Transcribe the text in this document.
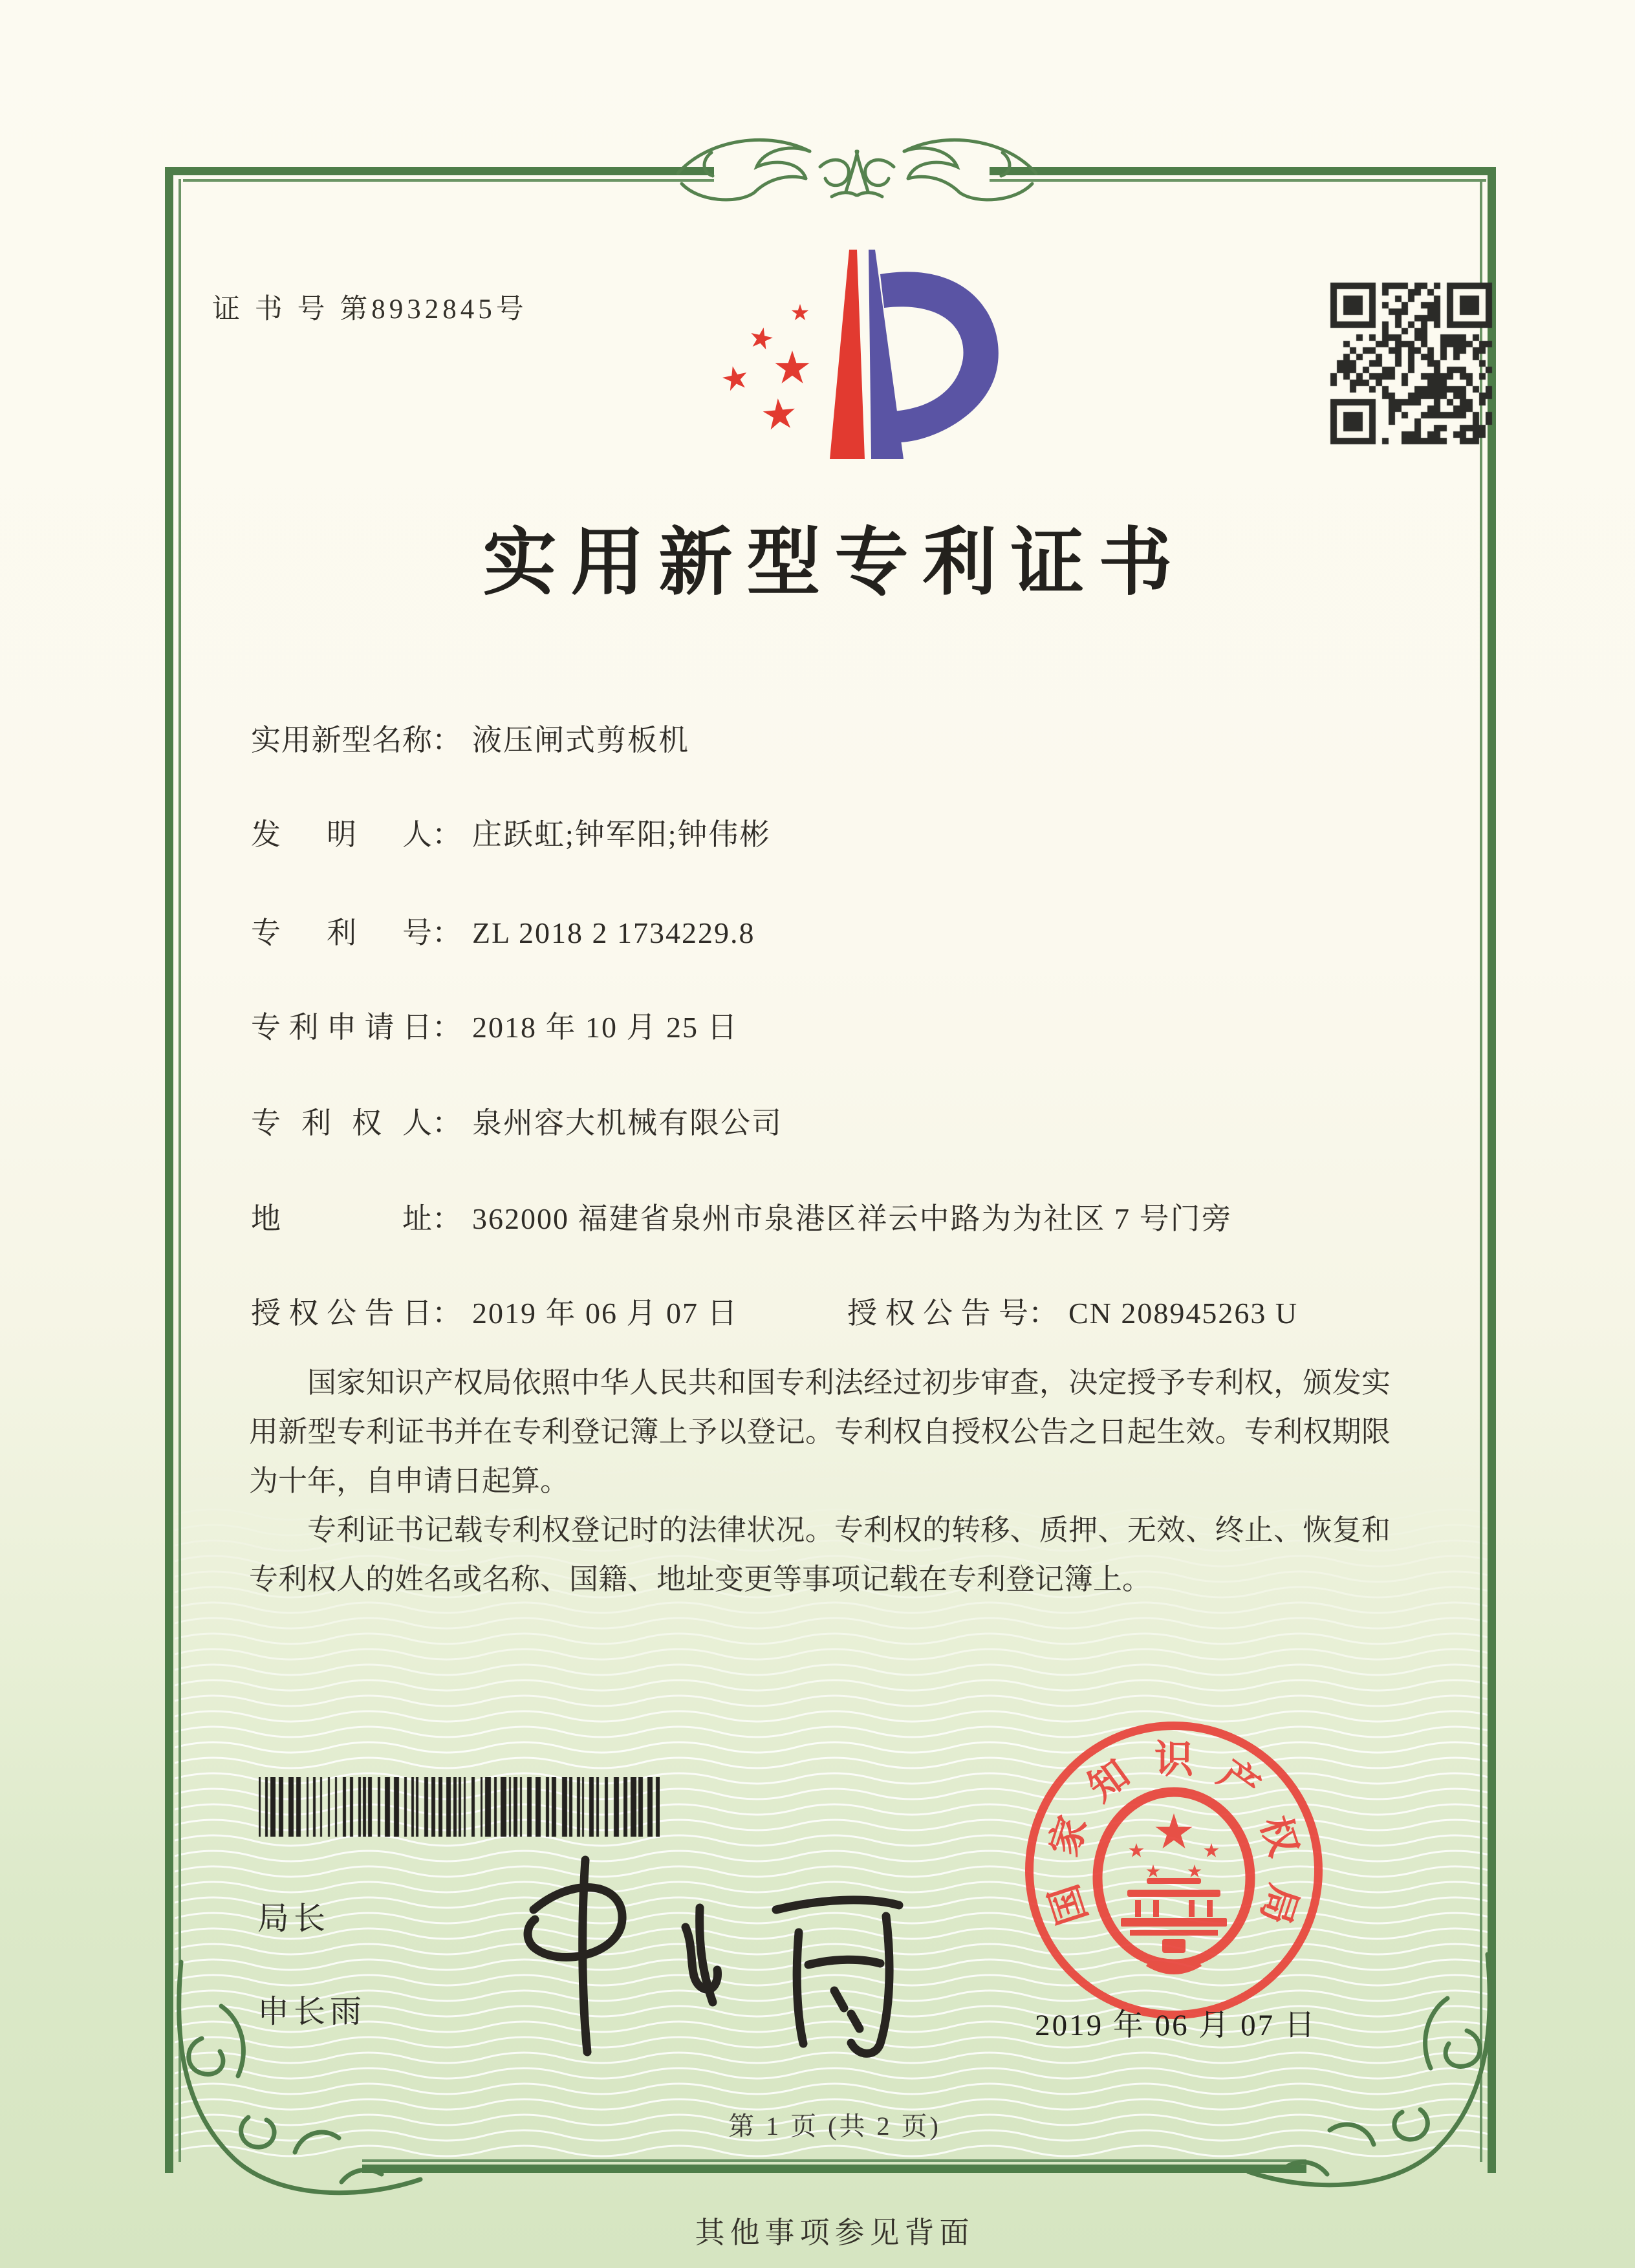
证 书 号 第8932845号
实用新型专利证书
实用新型名称 ： 液压闸式剪板机
发明人 ： 庄跃虹;钟军阳;钟伟彬
专利号 ： ZL 2018 2 1734229.8
专利申请日 ： 2018 年 10 月 25 日
专利权人 ： 泉州容大机械有限公司
地址 ： 362000 福建省泉州市泉港区祥云中路为为社区 7 号门旁
授权公告日 ： 2019 年 06 月 07 日	授权公告号 ： CN 208945263 U

国家知识产权局依照中华人民共和国专利法经过初步审查，决定授予专利权，颁发实用新型专利证书并在专利登记簿上予以登记。专利权自授权公告之日起生效。专利权期限为十年，自申请日起算。

专利证书记载专利权登记时的法律状况。专利权的转移、质押、无效、终止、恢复和专利权人的姓名或名称、国籍、地址变更等事项记载在专利登记簿上。

局长
申长雨
国
家
知 识 产
权
局
2019 年 06 月 07 日
第 1 页 (共 2 页)
其他事项参见背面
